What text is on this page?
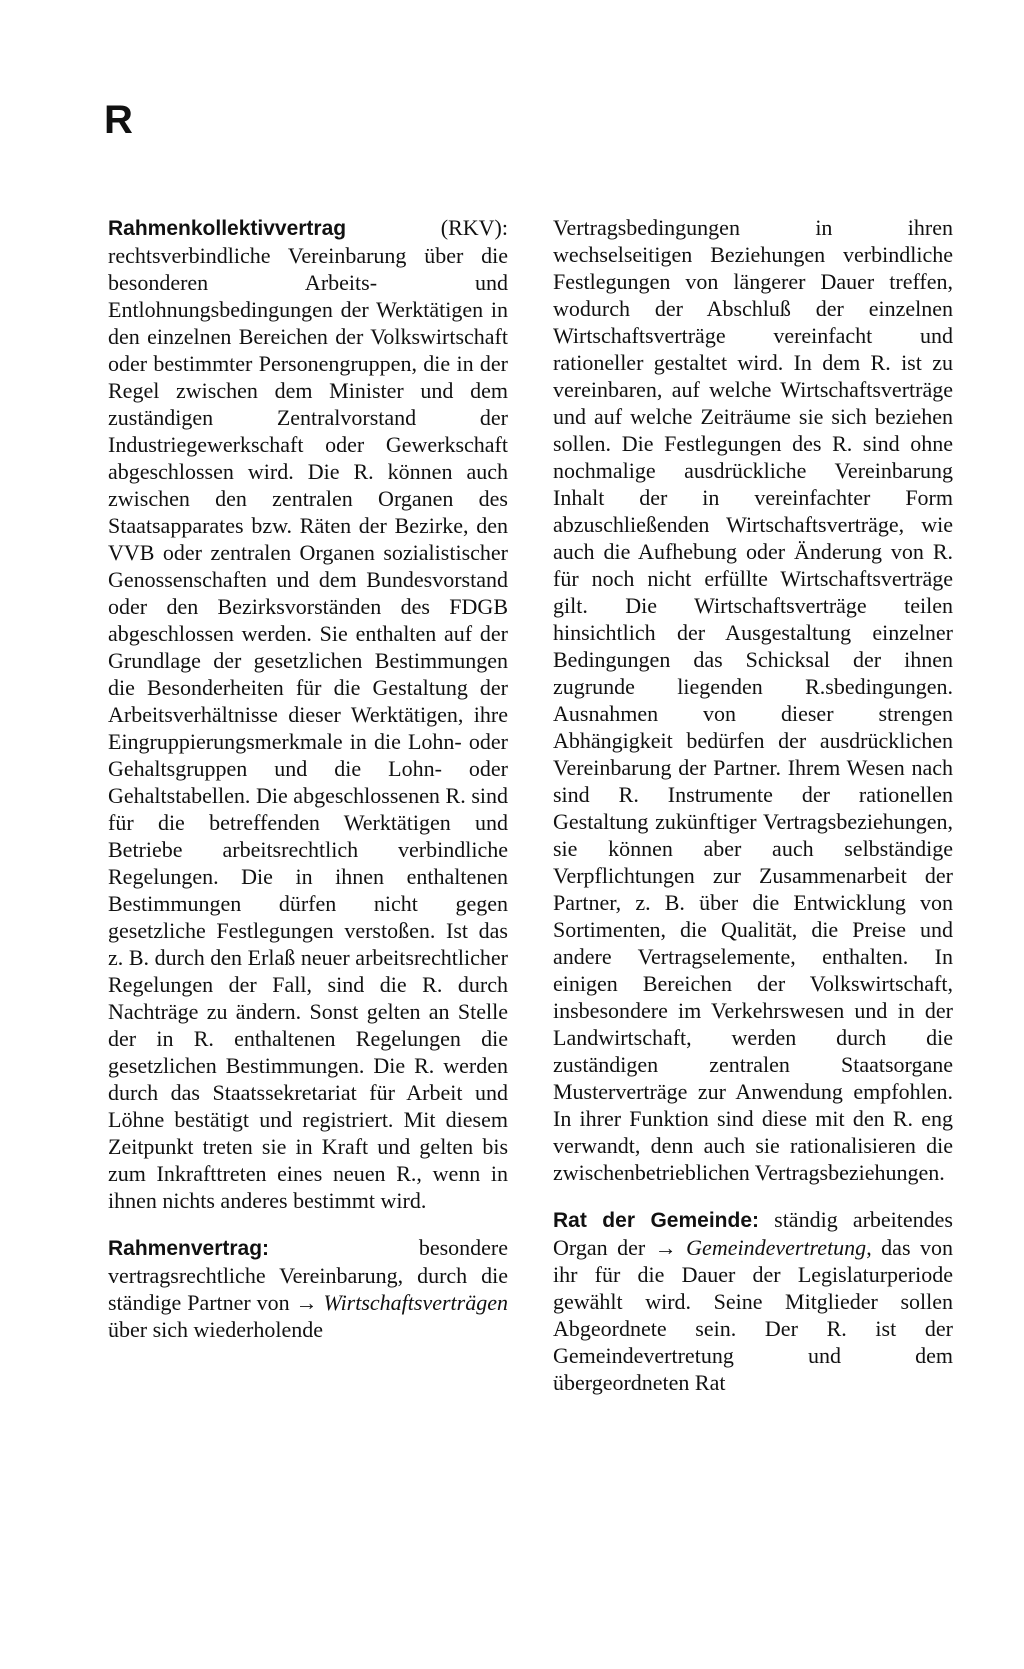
R

Rahmenkollektivvertrag (RKV): rechtsverbindliche Vereinbarung über die besonderen Arbeits- und Entlohnungsbedingungen der Werktätigen in den einzelnen Bereichen der Volkswirtschaft oder bestimmter Personengruppen, die in der Regel zwischen dem Minister und dem zuständigen Zentralvorstand der Industriegewerkschaft oder Gewerkschaft abgeschlossen wird. Die R. können auch zwischen den zentralen Organen des Staatsapparates bzw. Räten der Bezirke, den VVB oder zentralen Organen sozialistischer Genossenschaften und dem Bundesvorstand oder den Bezirksvorständen des FDGB abgeschlossen werden. Sie enthalten auf der Grundlage der gesetzlichen Bestimmungen die Besonderheiten für die Gestaltung der Arbeitsverhältnisse dieser Werktätigen, ihre Eingruppierungsmerkmale in die Lohn- oder Gehaltsgruppen und die Lohn- oder Gehaltstabellen. Die abgeschlossenen R. sind für die betreffenden Werktätigen und Betriebe arbeitsrechtlich verbindliche Regelungen. Die in ihnen enthaltenen Bestimmungen dürfen nicht gegen gesetzliche Festlegungen verstoßen. Ist das z. B. durch den Erlaß neuer arbeitsrechtlicher Regelungen der Fall, sind die R. durch Nachträge zu ändern. Sonst gelten an Stelle der in R. enthaltenen Regelungen die gesetzlichen Bestimmungen. Die R. werden durch das Staatssekretariat für Arbeit und Löhne bestätigt und registriert. Mit diesem Zeitpunkt treten sie in Kraft und gelten bis zum Inkrafttreten eines neuen R., wenn in ihnen nichts anderes bestimmt wird.

Rahmenvertrag: besondere vertragsrechtliche Vereinbarung, durch die ständige Partner von → Wirtschaftsverträgen über sich wiederholende

Vertragsbedingungen in ihren wechselseitigen Beziehungen verbindliche Festlegungen von längerer Dauer treffen, wodurch der Abschluß der einzelnen Wirtschaftsverträge vereinfacht und rationeller gestaltet wird. In dem R. ist zu vereinbaren, auf welche Wirtschaftsverträge und auf welche Zeiträume sie sich beziehen sollen. Die Festlegungen des R. sind ohne nochmalige ausdrückliche Vereinbarung Inhalt der in vereinfachter Form abzuschließenden Wirtschaftsverträge, wie auch die Aufhebung oder Änderung von R. für noch nicht erfüllte Wirtschaftsverträge gilt. Die Wirtschaftsverträge teilen hinsichtlich der Ausgestaltung einzelner Bedingungen das Schicksal der ihnen zugrunde liegenden R.sbedingungen. Ausnahmen von dieser strengen Abhängigkeit bedürfen der ausdrücklichen Vereinbarung der Partner. Ihrem Wesen nach sind R. Instrumente der rationellen Gestaltung zukünftiger Vertragsbeziehungen, sie können aber auch selbständige Verpflichtungen zur Zusammenarbeit der Partner, z. B. über die Entwicklung von Sortimenten, die Qualität, die Preise und andere Vertragselemente, enthalten. In einigen Bereichen der Volkswirtschaft, insbesondere im Verkehrswesen und in der Landwirtschaft, werden durch die zuständigen zentralen Staatsorgane Musterverträge zur Anwendung empfohlen. In ihrer Funktion sind diese mit den R. eng verwandt, denn auch sie rationalisieren die zwischenbetrieblichen Vertragsbeziehungen.

Rat der Gemeinde: ständig arbeitendes Organ der → Gemeindevertretung, das von ihr für die Dauer der Legislaturperiode gewählt wird. Seine Mitglieder sollen Abgeordnete sein. Der R. ist der Gemeindevertretung und dem übergeordneten Rat
